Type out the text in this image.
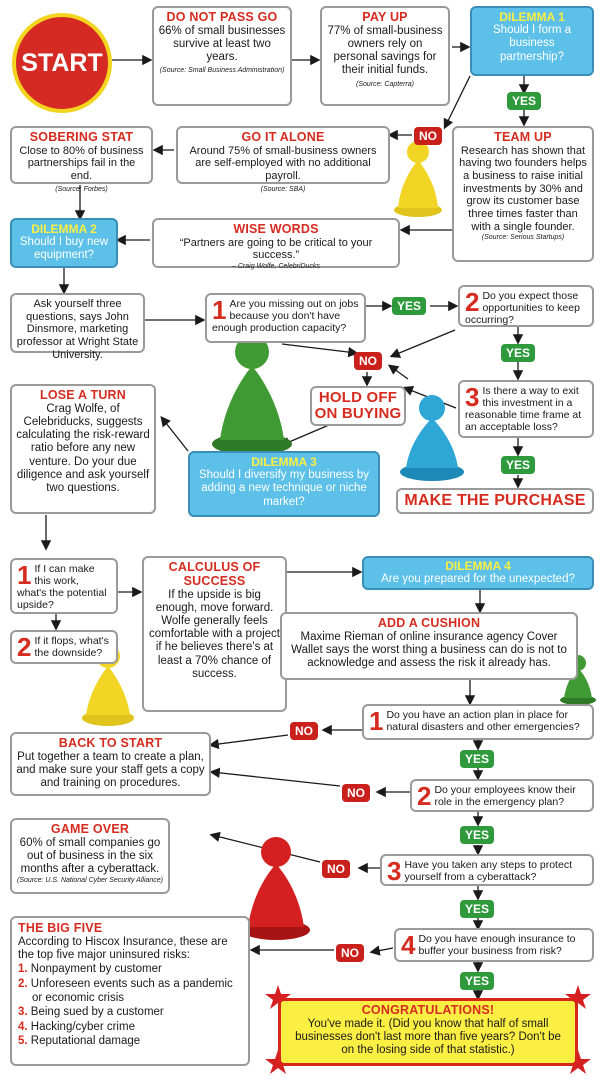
START
DO NOT PASS GO
66% of small businesses survive at least two years.
(Source: Small Business Administration)
PAY UP
77% of small-business owners rely on personal savings for their initial funds.
(Source: Capterra)
DILEMMA 1
Should I form a business partnership?
YES
NO
SOBERING STAT
Close to 80% of business partnerships fail in the end.
(Source: Forbes)
GO IT ALONE
Around 75% of small-business owners are self-employed with no additional payroll.
(Source: SBA)
TEAM UP
Research has shown that having two founders helps a business to raise initial investments by 30% and grow its customer base three times faster than with a single founder.
(Source: Serious Startups)
DILEMMA 2
Should I buy new equipment?
WISE WORDS
“Partners are going to be critical to your success.”
– Craig Wolfe, CelebriDucks
Ask yourself three questions, says John Dinsmore, marketing professor at Wright State University.
1 Are you missing out on jobs because you don't have enough production capacity?
YES 2 Do you expect those opportunities to keep occurring?
YES
NO
3 Is there a way to exit this investment in a reasonable time frame at an acceptable loss?
YES
LOSE A TURN
Crag Wolfe, of Celebriducks, suggests calculating the risk-reward ratio before any new venture. Do your due diligence and ask yourself two questions.
HOLD OFF ON BUYING
DILEMMA 3
Should I diversify my business by adding a new technique or niche market?	MAKE THE PURCHASE
1 If I can make this work, what's the potential upside?
2 If it flops, what's the downside?
CALCULUS OF SUCCESS
If the upside is big enough, move forward. Wolfe generally feels comfortable with a project if he believes there's at least a 70% chance of success.
DILEMMA 4
Are you prepared for the unexpected?
ADD A CUSHION
Maxime Rieman of online insurance agency Cover Wallet says the worst thing a business can do is not to acknowledge and assess the risk it already has.
1 Do you have an action plan in place for natural disasters and other emergencies?
NO
YES
BACK TO START
Put together a team to create a plan, and make sure your staff gets a copy and training on procedures.	2 Do your employees know their role in the emergency plan?
NO
YES
GAME OVER
60% of small companies go out of business in the six months after a cyberattack.
(Source: U.S. National Cyber Security Alliance)	3 Have you taken any steps to protect yourself from a cyberattack?
NO
YES
THE BIG FIVE
According to Hiscox Insurance, these are the top five major uninsured risks:
1. Nonpayment by customer
2. Unforeseen events such as a pandemic or economic crisis
3. Being sued by a customer
4. Hacking/cyber crime
5. Reputational damage
4 Do you have enough insurance to buffer your business from risk?
NO
YES
CONGRATULATIONS!
You've made it. (Did you know that half of small businesses don't last more than five years? Don't be on the losing side of that statistic.)
